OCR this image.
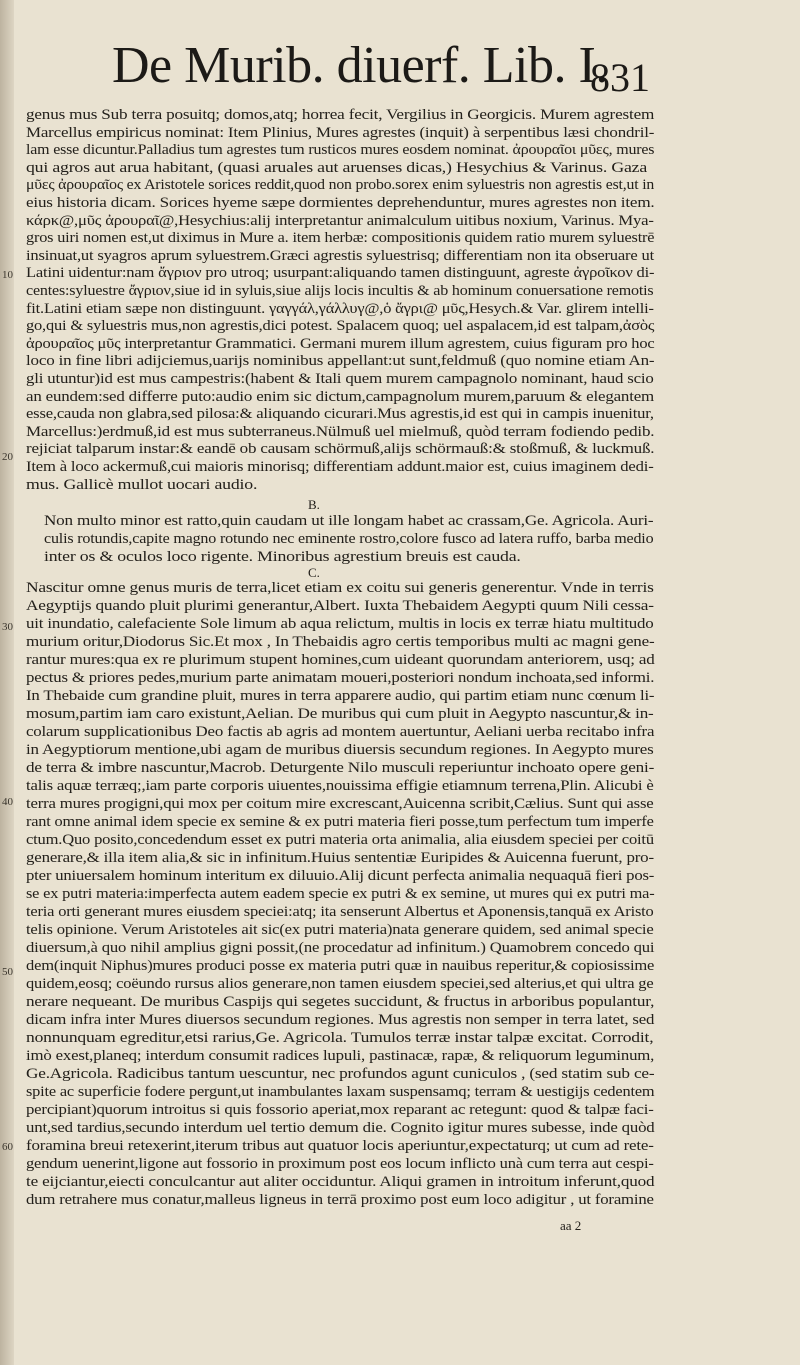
De Murib. diuerf. Lib. I.
831
genus mus Sub terra posuitq; domos,atq; horrea fecit, Vergilius in Georgicis. Murem agrestem
Marcellus empiricus nominat: Item Plinius, Mures agrestes (inquit) à serpentibus læsi chondril-
lam esse dicuntur.Palladius tum agrestes tum rusticos mures eosdem nominat. ἀρουραῖοι μῦες, mures
qui agros aut arua habitant, (quasi aruales aut aruenses dicas,) Hesychius & Varinus. Gaza
μῦες ἀρουραῖος ex Aristotele sorices reddit,quod non probo.sorex enim syluestris non agrestis est,ut in
eius historia dicam. Sorices hyeme sæpe dormientes deprehenduntur, mures agrestes non item.
κάρκ@,μῦς ἀρουραῖ@,Hesychius:alij interpretantur animalculum uitibus noxium, Varinus. Mya-
gros uiri nomen est,ut diximus in Mure a. item herbæ: compositionis quidem ratio murem syluestrē
insinuat,ut syagros aprum syluestrem.Græci agrestis syluestrisq; differentiam non ita obseruare ut
Latini uidentur:nam ἄγριον pro utroq; usurpant:aliquando tamen distinguunt, agreste ἀγροῖκον di-
centes:syluestre ἄγριον,siue id in syluis,siue alijs locis incultis & ab hominum conuersatione remotis
fit.Latini etiam sæpe non distinguunt. γαγγάλ,γάλλυγ@,ὁ ἄγρι@ μῦς,Hesych.& Var. glirem intelli-
go,qui & syluestris mus,non agrestis,dici potest. Spalacem quoq; uel aspalacem,id est talpam,ἀσὸς
ἀρουραῖος μῦς interpretantur Grammatici. Germani murem illum agrestem, cuius figuram pro hoc
loco in fine libri adijciemus,uarijs nominibus appellant:ut sunt,feldmuß (quo nomine etiam An-
gli utuntur)id est mus campestris:(habent & Itali quem murem campagnolo nominant, haud scio
an eundem:sed differre puto:audio enim sic dictum,campagnolum murem,paruum & elegantem
esse,cauda non glabra,sed pilosa:& aliquando cicurari.Mus agrestis,id est qui in campis inuenitur,
Marcellus:)erdmuß,id est mus subterraneus.Nülmuß uel mielmuß, quòd terram fodiendo pedib.
rejiciat talparum instar:& eandē ob causam schörmuß,alijs schörmauß:& stoßmuß, & luckmuß.
Item à loco ackermuß,cui maioris minorisq; differentiam addunt.maior est, cuius imaginem dedi-
mus. Gallicè mullot uocari audio.
B.
Non multo minor est ratto,quin caudam ut ille longam habet ac crassam,Ge. Agricola. Auri-
culis rotundis,capite magno rotundo nec eminente rostro,colore fusco ad latera ruffo, barba medio
inter os & oculos loco rigente. Minoribus agrestium breuis est cauda.
C.
Nascitur omne genus muris de terra,licet etiam ex coitu sui generis generentur. Vnde in terris
Aegyptijs quando pluit plurimi generantur,Albert. Iuxta Thebaidem Aegypti quum Nili cessa-
uit inundatio, calefaciente Sole limum ab aqua relictum, multis in locis ex terræ hiatu multitudo
murium oritur,Diodorus Sic.Et mox , In Thebaidis agro certis temporibus multi ac magni gene-
rantur mures:qua ex re plurimum stupent homines,cum uideant quorundam anteriorem, usq; ad
pectus & priores pedes,murium parte animatam moueri,posteriori nondum inchoata,sed informi.
In Thebaide cum grandine pluit, mures in terra apparere audio, qui partim etiam nunc cœnum li-
mosum,partim iam caro existunt,Aelian. De muribus qui cum pluit in Aegypto nascuntur,& in-
colarum supplicationibus Deo factis ab agris ad montem auertuntur, Aeliani uerba recitabo infra
in Aegyptiorum mentione,ubi agam de muribus diuersis secundum regiones. In Aegypto mures
de terra & imbre nascuntur,Macrob. Deturgente Nilo musculi reperiuntur inchoato opere geni-
talis aquæ terræq;,iam parte corporis uiuentes,nouissima effigie etiamnum terrena,Plin. Alicubi è
terra mures progigni,qui mox per coitum mire excrescant,Auicenna scribit,Cælius. Sunt qui asse
rant omne animal idem specie ex semine & ex putri materia fieri posse,tum perfectum tum imperfe
ctum.Quo posito,concedendum esset ex putri materia orta animalia, alia eiusdem speciei per coitū
generare,& illa item alia,& sic in infinitum.Huius sententiæ Euripides & Auicenna fuerunt, pro-
pter uniuersalem hominum interitum ex diluuio.Alij dicunt perfecta animalia nequaquā fieri pos-
se ex putri materia:imperfecta autem eadem specie ex putri & ex semine, ut mures qui ex putri ma-
teria orti generant mures eiusdem speciei:atq; ita senserunt Albertus et Aponensis,tanquā ex Aristo
telis opinione. Verum Aristoteles ait sic(ex putri materia)nata generare quidem, sed animal specie
diuersum,à quo nihil amplius gigni possit,(ne procedatur ad infinitum.) Quamobrem concedo qui
dem(inquit Niphus)mures produci posse ex materia putri quæ in nauibus reperitur,& copiosissime
quidem,eosq; coëundo rursus alios generare,non tamen eiusdem speciei,sed alterius,et qui ultra ge
nerare nequeant. De muribus Caspijs qui segetes succidunt, & fructus in arboribus populantur,
dicam infra inter Mures diuersos secundum regiones. Mus agrestis non semper in terra latet, sed
nonnunquam egreditur,etsi rarius,Ge. Agricola. Tumulos terræ instar talpæ excitat. Corrodit,
imò exest,planeq; interdum consumit radices lupuli, pastinacæ, rapæ, & reliquorum leguminum,
Ge.Agricola. Radicibus tantum uescuntur, nec profundos agunt cuniculos , (sed statim sub ce-
spite ac superficie fodere pergunt,ut inambulantes laxam suspensamq; terram & uestigijs cedentem
percipiant)quorum introitus si quis fossorio aperiat,mox reparant ac retegunt: quod & talpæ faci-
unt,sed tardius,secundo interdum uel tertio demum die. Cognito igitur mures subesse, inde quòd
foramina breui retexerint,iterum tribus aut quatuor locis aperiuntur,expectaturq; ut cum ad rete-
gendum uenerint,ligone aut fossorio in proximum post eos locum inflicto unà cum terra aut cespi-
te eijciantur,eiecti conculcantur aut aliter occiduntur. Aliqui gramen in introitum inferunt,quod
dum retrahere mus conatur,malleus ligneus in terrā proximo post eum loco adigitur , ut foramine
10
20
30
40
50
60
aa 2
